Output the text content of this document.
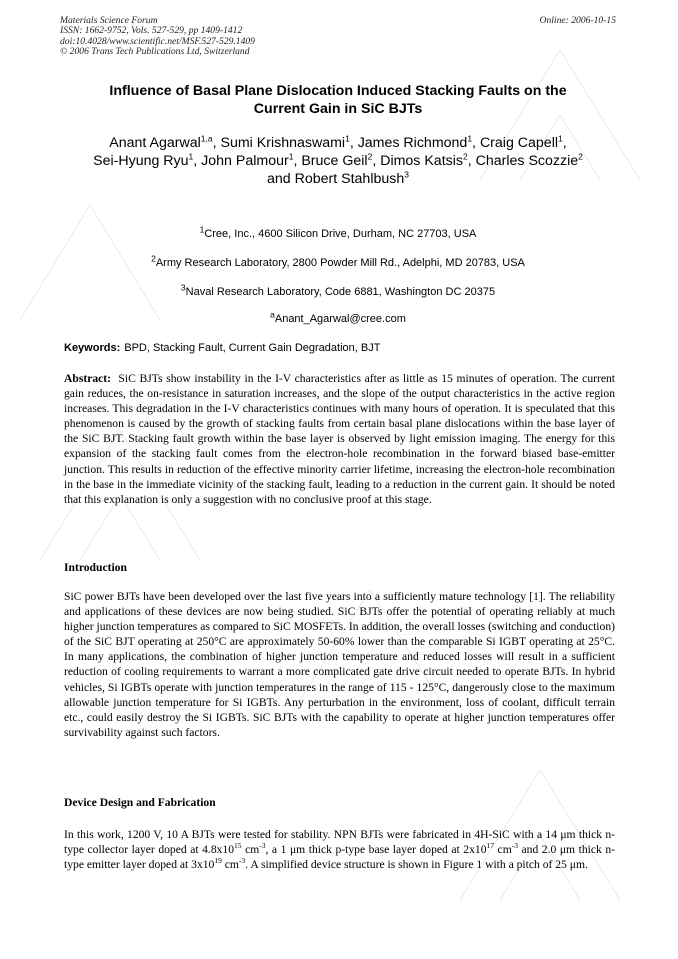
Materials Science Forum
ISSN: 1662-9752, Vols. 527-529, pp 1409-1412
doi:10.4028/www.scientific.net/MSF.527-529.1409
© 2006 Trans Tech Publications Ltd, Switzerland
Online: 2006-10-15
Influence of Basal Plane Dislocation Induced Stacking Faults on the
Current Gain in SiC BJTs
Anant Agarwal$^{1,a}$, Sumi Krishnaswami$^1$, James Richmond$^1$, Craig Capell$^1$,
Sei-Hyung Ryu$^1$, John Palmour$^1$, Bruce Geil$^2$, Dimos Katsis$^2$, Charles Scozzie$^2$
and Robert Stahlbush$^3$
$^1$Cree, Inc., 4600 Silicon Drive, Durham, NC 27703, USA
$^2$Army Research Laboratory, 2800 Powder Mill Rd., Adelphi, MD 20783, USA
$^3$Naval Research Laboratory, Code 6881, Washington DC 20375
$^a$Anant_Agarwal@cree.com
Keywords: BPD, Stacking Fault, Current Gain Degradation, BJT
Abstract: SiC BJTs show instability in the I-V characteristics after as little as 15 minutes of operation. The current gain reduces, the on-resistance in saturation increases, and the slope of the output characteristics in the active region increases. This degradation in the I-V characteristics continues with many hours of operation. It is speculated that this phenomenon is caused by the growth of stacking faults from certain basal plane dislocations within the base layer of the SiC BJT. Stacking fault growth within the base layer is observed by light emission imaging. The energy for this expansion of the stacking fault comes from the electron-hole recombination in the forward biased base-emitter junction. This results in reduction of the effective minority carrier lifetime, increasing the electron-hole recombination in the base in the immediate vicinity of the stacking fault, leading to a reduction in the current gain. It should be noted that this explanation is only a suggestion with no conclusive proof at this stage.
Introduction
SiC power BJTs have been developed over the last five years into a sufficiently mature technology [1]. The reliability and applications of these devices are now being studied. SiC BJTs offer the potential of operating reliably at much higher junction temperatures as compared to SiC MOSFETs. In addition, the overall losses (switching and conduction) of the SiC BJT operating at 250°C are approximately 50-60% lower than the comparable Si IGBT operating at 25°C. In many applications, the combination of higher junction temperature and reduced losses will result in a sufficient reduction of cooling requirements to warrant a more complicated gate drive circuit needed to operate BJTs. In hybrid vehicles, Si IGBTs operate with junction temperatures in the range of 115 - 125°C, dangerously close to the maximum allowable junction temperature for Si IGBTs. Any perturbation in the environment, loss of coolant, difficult terrain etc., could easily destroy the Si IGBTs. SiC BJTs with the capability to operate at higher junction temperatures offer survivability against such factors.
Device Design and Fabrication
In this work, 1200 V, 10 A BJTs were tested for stability. NPN BJTs were fabricated in 4H-SiC with a 14 μm thick n-type collector layer doped at $4.8x10^{15}$ $cm^{-3}$, a 1 μm thick p-type base layer doped at $2x10^{17}$ $cm^{-3}$ and 2.0 μm thick n-type emitter layer doped at $3x10^{19}$ $cm^{-3}$. A simplified device structure is shown in Figure 1 with a pitch of 25 μm.
